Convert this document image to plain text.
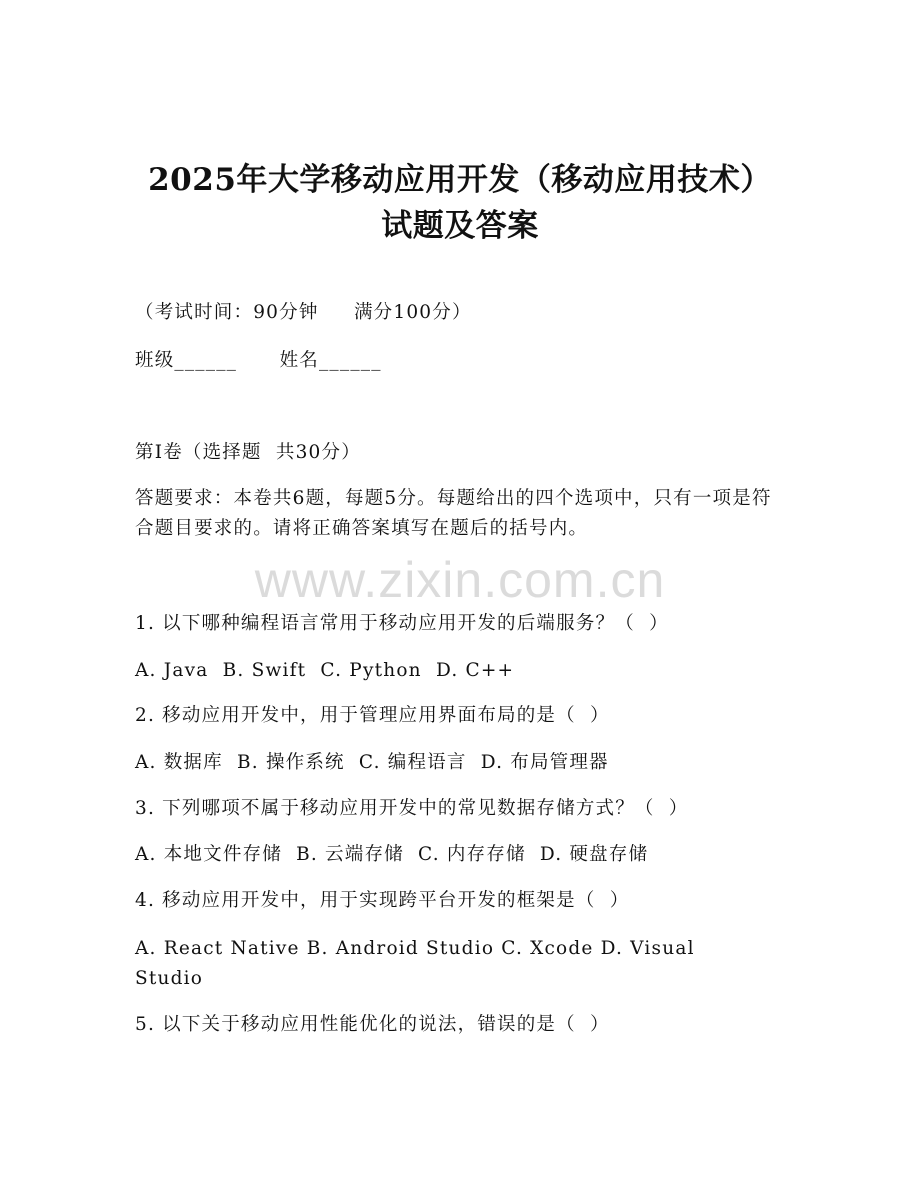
2025年大学移动应用开发（移动应用技术）
试题及答案
（考试时间：90分钟     满分100分）
班级______      姓名______
第I卷（选择题  共30分）
答题要求：本卷共6题，每题5分。每题给出的四个选项中，只有一项是符合题目要求的。请将正确答案填写在题后的括号内。
www.zixin.com.cn
1. 以下哪种编程语言常用于移动应用开发的后端服务？（  ）
A. Java  B. Swift  C. Python  D. C++
2. 移动应用开发中，用于管理应用界面布局的是（  ）
A. 数据库  B. 操作系统  C. 编程语言  D. 布局管理器
3. 下列哪项不属于移动应用开发中的常见数据存储方式？（  ）
A. 本地文件存储  B. 云端存储  C. 内存存储  D. 硬盘存储
4. 移动应用开发中，用于实现跨平台开发的框架是（  ）
A. React Native B. Android Studio C. Xcode D. Visual Studio
5. 以下关于移动应用性能优化的说法，错误的是（  ）
